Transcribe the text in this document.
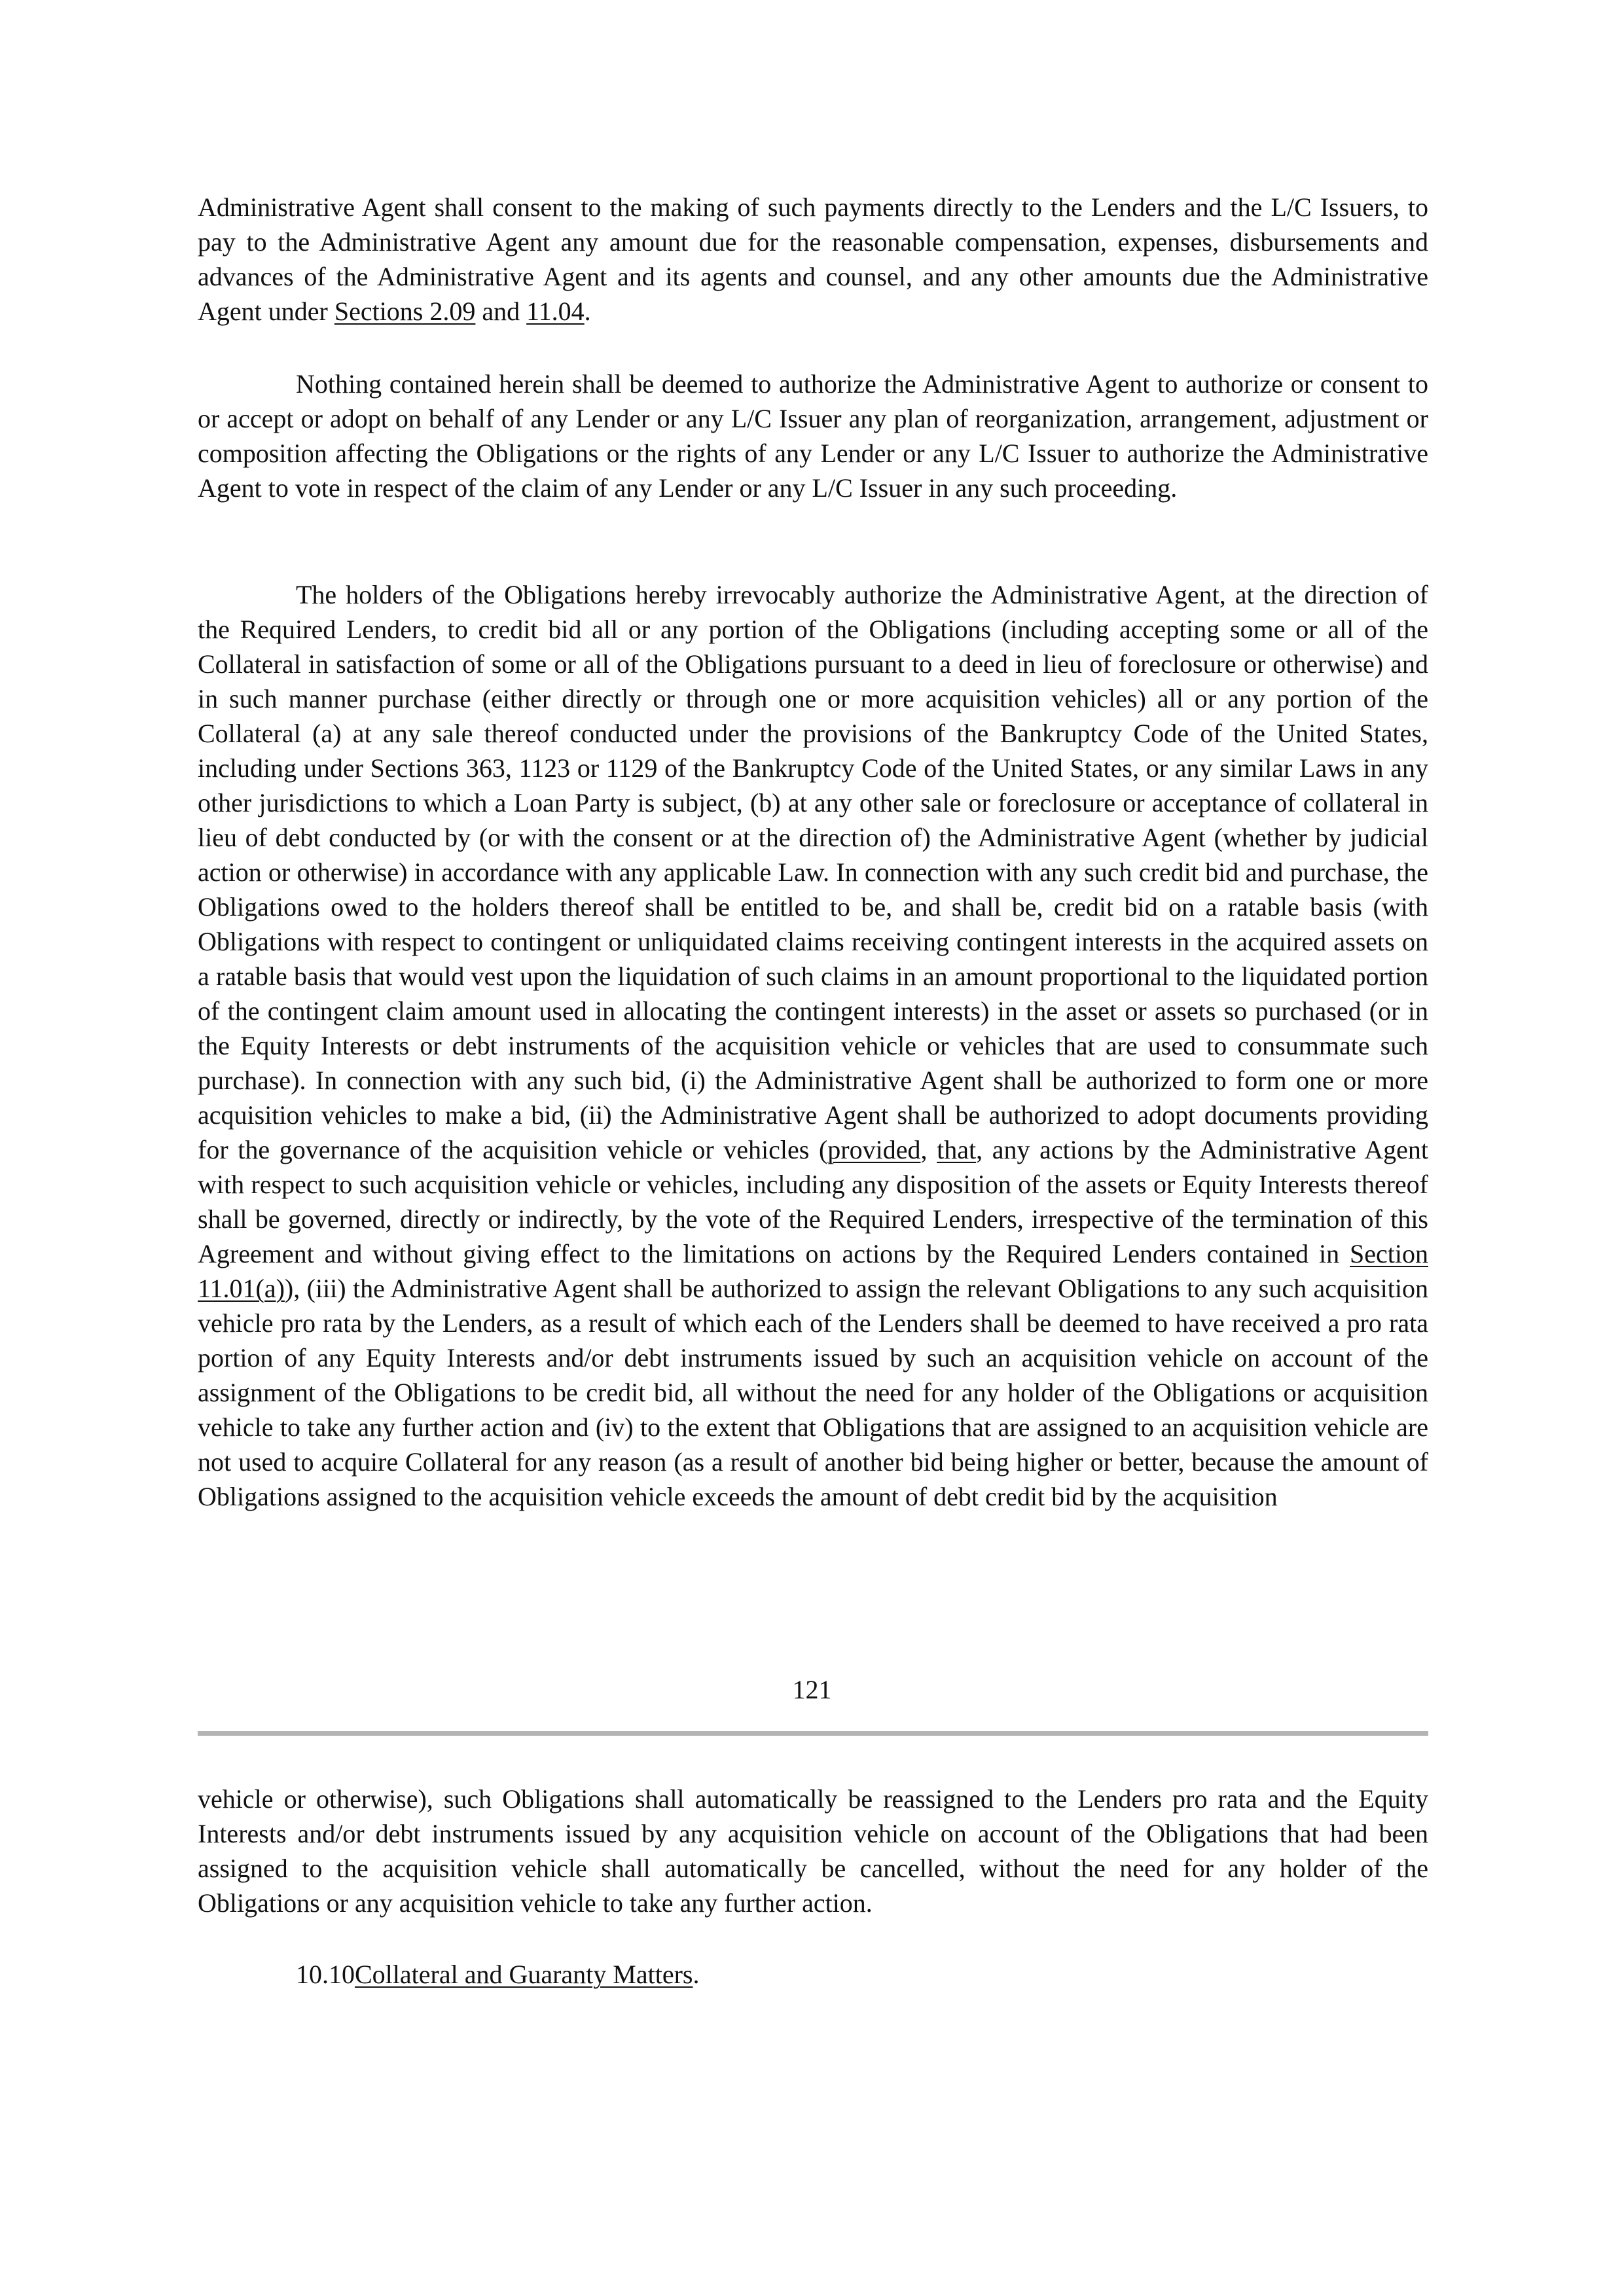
Administrative Agent shall consent to the making of such payments directly to the Lenders and the L/C Issuers, to pay to the Administrative Agent any amount due for the reasonable compensation, expenses, disbursements and advances of the Administrative Agent and its agents and counsel, and any other amounts due the Administrative Agent under Sections 2.09 and 11.04.

Nothing contained herein shall be deemed to authorize the Administrative Agent to authorize or consent to or accept or adopt on behalf of any Lender or any L/C Issuer any plan of reorganization, arrangement, adjustment or composition affecting the Obligations or the rights of any Lender or any L/C Issuer to authorize the Administrative Agent to vote in respect of the claim of any Lender or any L/C Issuer in any such proceeding.

The holders of the Obligations hereby irrevocably authorize the Administrative Agent, at the direction of the Required Lenders, to credit bid all or any portion of the Obligations (including accepting some or all of the Collateral in satisfaction of some or all of the Obligations pursuant to a deed in lieu of foreclosure or otherwise) and in such manner purchase (either directly or through one or more acquisition vehicles) all or any portion of the Collateral (a) at any sale thereof conducted under the provisions of the Bankruptcy Code of the United States, including under Sections 363, 1123 or 1129 of the Bankruptcy Code of the United States, or any similar Laws in any other jurisdictions to which a Loan Party is subject, (b) at any other sale or foreclosure or acceptance of collateral in lieu of debt conducted by (or with the consent or at the direction of) the Administrative Agent (whether by judicial action or otherwise) in accordance with any applicable Law. In connection with any such credit bid and purchase, the Obligations owed to the holders thereof shall be entitled to be, and shall be, credit bid on a ratable basis (with Obligations with respect to contingent or unliquidated claims receiving contingent interests in the acquired assets on a ratable basis that would vest upon the liquidation of such claims in an amount proportional to the liquidated portion of the contingent claim amount used in allocating the contingent interests) in the asset or assets so purchased (or in the Equity Interests or debt instruments of the acquisition vehicle or vehicles that are used to consummate such purchase). In connection with any such bid, (i) the Administrative Agent shall be authorized to form one or more acquisition vehicles to make a bid, (ii) the Administrative Agent shall be authorized to adopt documents providing for the governance of the acquisition vehicle or vehicles (provided, that, any actions by the Administrative Agent with respect to such acquisition vehicle or vehicles, including any disposition of the assets or Equity Interests thereof shall be governed, directly or indirectly, by the vote of the Required Lenders, irrespective of the termination of this Agreement and without giving effect to the limitations on actions by the Required Lenders contained in Section 11.01(a)), (iii) the Administrative Agent shall be authorized to assign the relevant Obligations to any such acquisition vehicle pro rata by the Lenders, as a result of which each of the Lenders shall be deemed to have received a pro rata portion of any Equity Interests and/or debt instruments issued by such an acquisition vehicle on account of the assignment of the Obligations to be credit bid, all without the need for any holder of the Obligations or acquisition vehicle to take any further action and (iv) to the extent that Obligations that are assigned to an acquisition vehicle are not used to acquire Collateral for any reason (as a result of another bid being higher or better, because the amount of Obligations assigned to the acquisition vehicle exceeds the amount of debt credit bid by the acquisition

121

vehicle or otherwise), such Obligations shall automatically be reassigned to the Lenders pro rata and the Equity Interests and/or debt instruments issued by any acquisition vehicle on account of the Obligations that had been assigned to the acquisition vehicle shall automatically be cancelled, without the need for any holder of the Obligations or any acquisition vehicle to take any further action.

10.10Collateral and Guaranty Matters.
